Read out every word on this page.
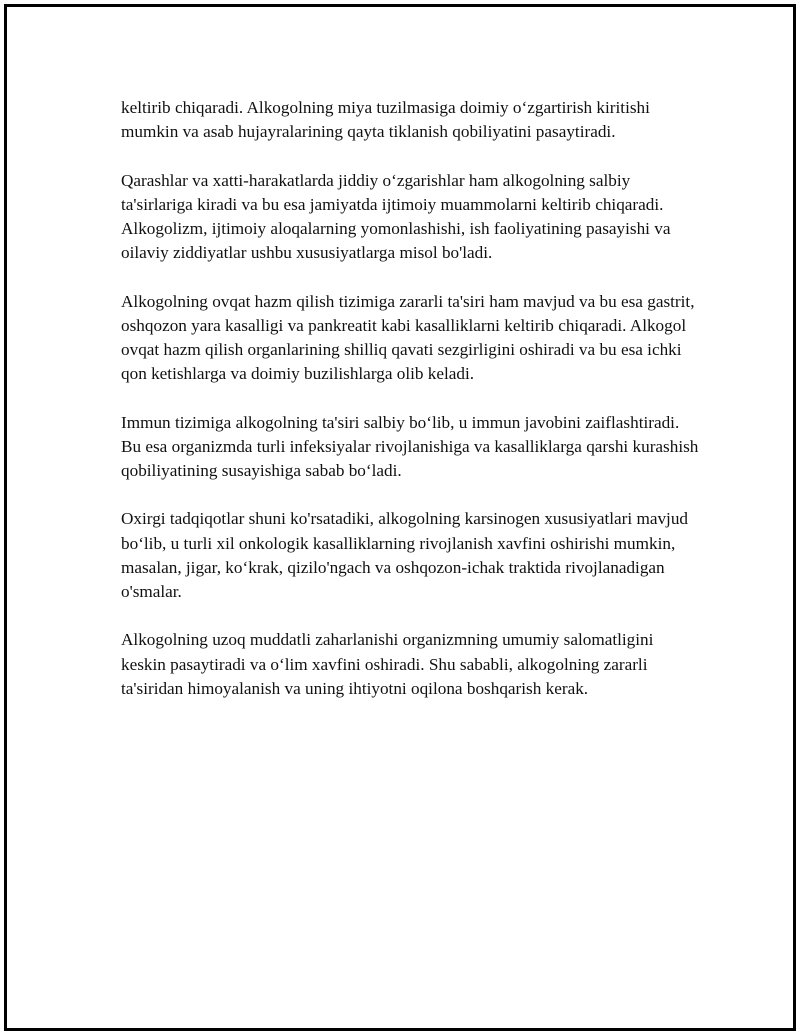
keltirib chiqaradi. Alkogolning miya tuzilmasiga doimiy o‘zgartirish kiritishi mumkin va asab hujayralarining qayta tiklanish qobiliyatini pasaytiradi.

Qarashlar va xatti-harakatlarda jiddiy o‘zgarishlar ham alkogolning salbiy ta'sirlariga kiradi va bu esa jamiyatda ijtimoiy muammolarni keltirib chiqaradi. Alkogolizm, ijtimoiy aloqalarning yomonlashishi, ish faoliyatining pasayishi va oilaviy ziddiyatlar ushbu xususiyatlarga misol bo'ladi.

Alkogolning ovqat hazm qilish tizimiga zararli ta'siri ham mavjud va bu esa gastrit, oshqozon yara kasalligi va pankreatit kabi kasalliklarni keltirib chiqaradi. Alkogol ovqat hazm qilish organlarining shilliq qavati sezgirligini oshiradi va bu esa ichki qon ketishlarga va doimiy buzilishlarga olib keladi.

Immun tizimiga alkogolning ta'siri salbiy bo‘lib, u immun javobini zaiflashtiradi. Bu esa organizmda turli infeksiyalar rivojlanishiga va kasalliklarga qarshi kurashish qobiliyatining susayishiga sabab bo‘ladi.

Oxirgi tadqiqotlar shuni ko'rsatadiki, alkogolning karsinogen xususiyatlari mavjud bo‘lib, u turli xil onkologik kasalliklarning rivojlanish xavfini oshirishi mumkin, masalan, jigar, ko‘krak, qizilo'ngach va oshqozon-ichak traktida rivojlanadigan o'smalar.

Alkogolning uzoq muddatli zaharlanishi organizmning umumiy salomatligini keskin pasaytiradi va o‘lim xavfini oshiradi. Shu sababli, alkogolning zararli ta'siridan himoyalanish va uning ihtiyotni oqilona boshqarish kerak.
